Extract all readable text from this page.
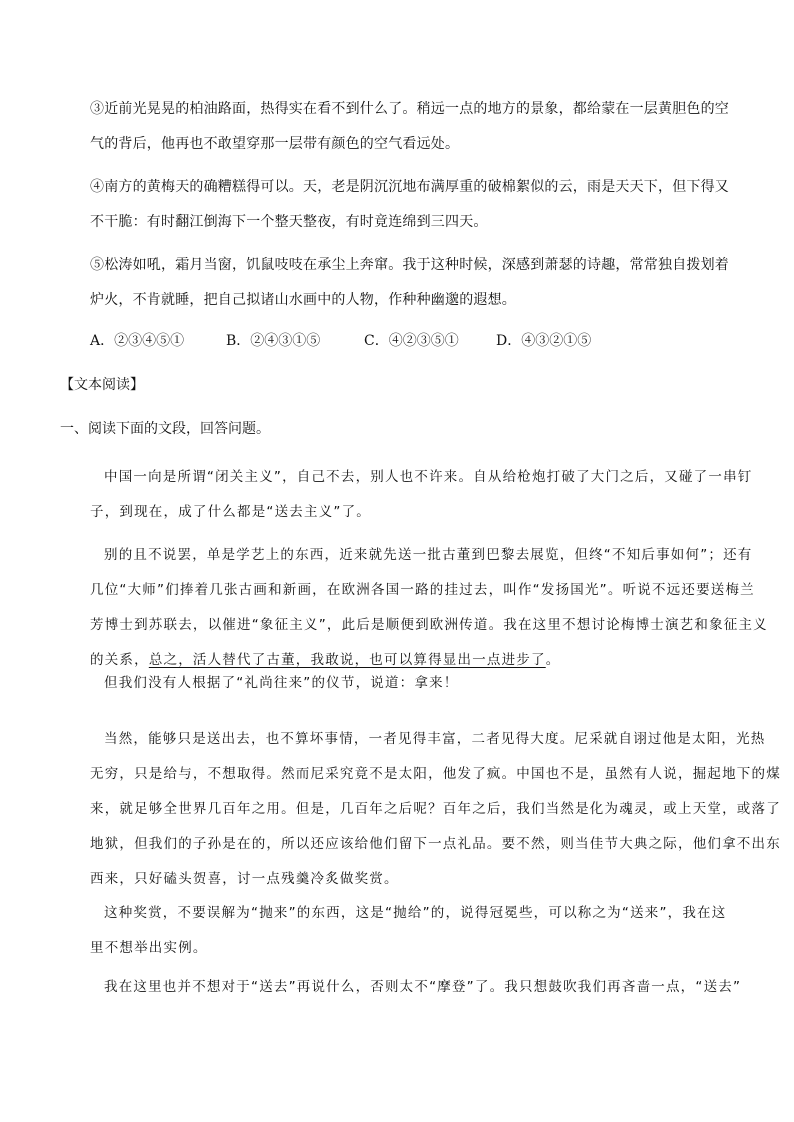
③近前光晃晃的柏油路面，热得实在看不到什么了。稍远一点的地方的景象，都给蒙在一层黄胆色的空
气的背后，他再也不敢望穿那一层带有颜色的空气看远处。
④南方的黄梅天的确糟糕得可以。天，老是阴沉沉地布满厚重的破棉絮似的云，雨是天天下，但下得又
不干脆：有时翻江倒海下一个整天整夜，有时竟连绵到三四天。
⑤松涛如吼，霜月当窗，饥鼠吱吱在承尘上奔窜。我于这种时候，深感到萧瑟的诗趣，常常独自拨划着
炉火，不肯就睡，把自己拟诸山水画中的人物，作种种幽邈的遐想。
A．②③④⑤①	B．②④③①⑤	C．④②③⑤①	D．④③②①⑤

【文本阅读】

一、阅读下面的文段，回答问题。

中国一向是所谓“闭关主义”，自己不去，别人也不许来。自从给枪炮打破了大门之后，又碰了一串钉
子，到现在，成了什么都是“送去主义”了。
别的且不说罢，单是学艺上的东西，近来就先送一批古董到巴黎去展览，但终“不知后事如何”；还有
几位“大师”们捧着几张古画和新画，在欧洲各国一路的挂过去，叫作“发扬国光”。听说不远还要送梅兰
芳博士到苏联去，以催进“象征主义”，此后是顺便到欧洲传道。我在这里不想讨论梅博士演艺和象征主义
的关系，总之，活人替代了古董，我敢说，也可以算得显出一点进步了。
但我们没有人根据了“礼尚往来”的仪节，说道：拿来！
当然，能够只是送出去，也不算坏事情，一者见得丰富，二者见得大度。尼采就自诩过他是太阳，光热
无穷，只是给与，不想取得。然而尼采究竟不是太阳，他发了疯。中国也不是，虽然有人说，掘起地下的煤
来，就足够全世界几百年之用。但是，几百年之后呢？百年之后，我们当然是化为魂灵，或上天堂，或落了
地狱，但我们的子孙是在的，所以还应该给他们留下一点礼品。要不然，则当佳节大典之际，他们拿不出东
西来，只好磕头贺喜，讨一点残羹冷炙做奖赏。
这种奖赏，不要误解为“抛来”的东西，这是“抛给”的，说得冠冕些，可以称之为“送来”，我在这
里不想举出实例。
我在这里也并不想对于“送去”再说什么，否则太不“摩登”了。我只想鼓吹我们再吝啬一点，“送去”
